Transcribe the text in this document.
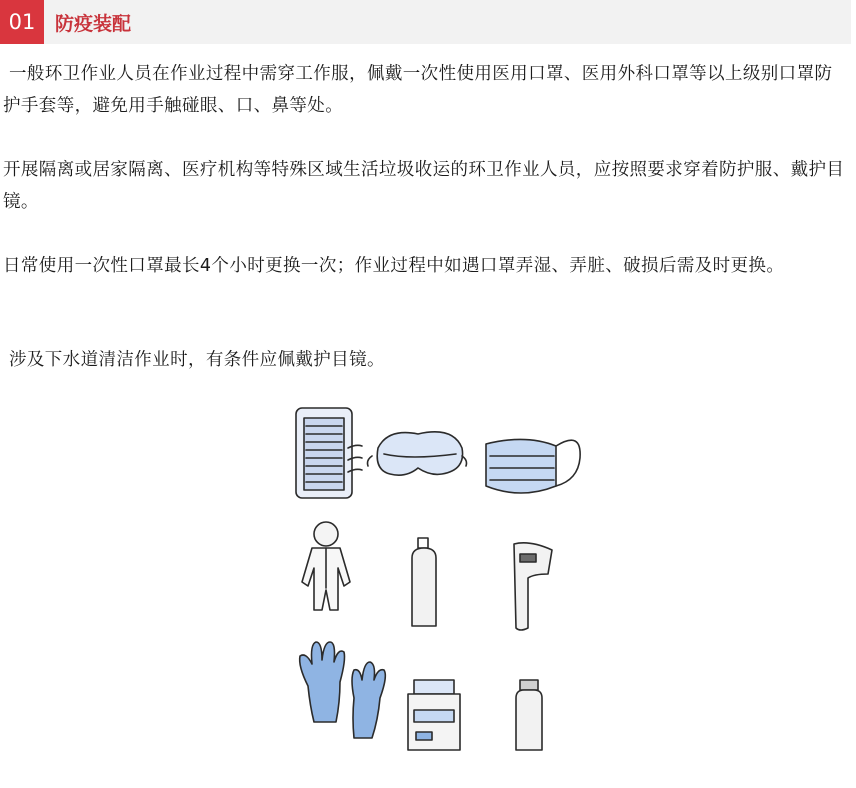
01	防疫装配
一般环卫作业人员在作业过程中需穿工作服，佩戴一次性使用医用口罩、医用外科口罩等以上级别口罩防护手套等，避免用手触碰眼、口、鼻等处。
开展隔离或居家隔离、医疗机构等特殊区域生活垃圾收运的环卫作业人员，应按照要求穿着防护服、戴护目镜。
日常使用一次性口罩最长4个小时更换一次；作业过程中如遇口罩弄湿、弄脏、破损后需及时更换。
涉及下水道清洁作业时，有条件应佩戴护目镜。
